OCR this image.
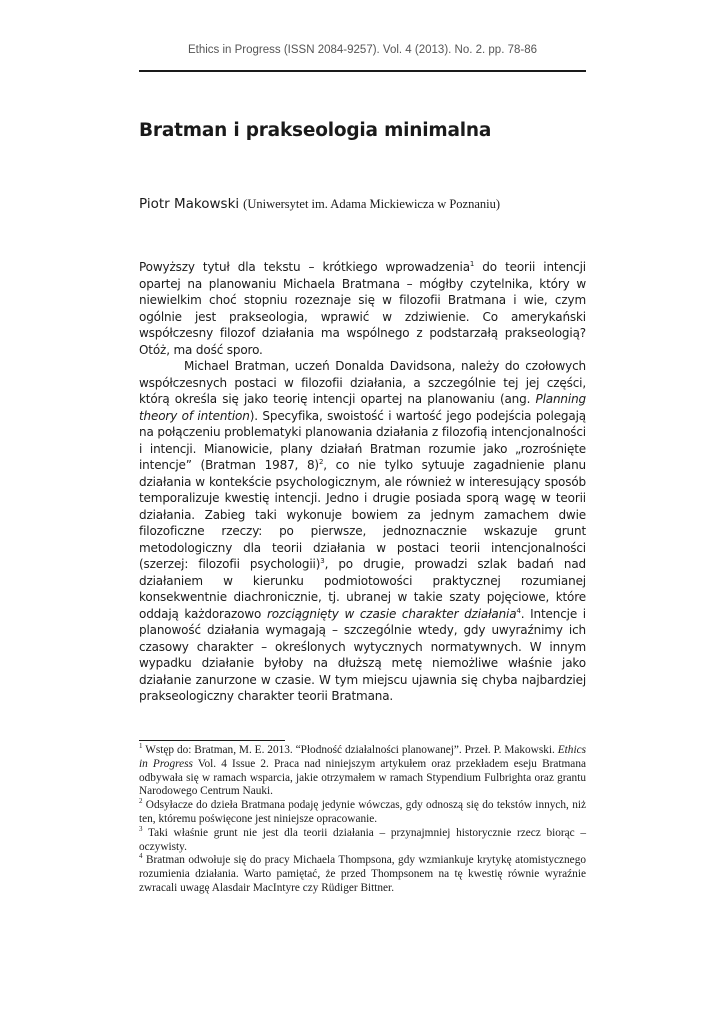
Ethics in Progress (ISSN 2084-9257). Vol. 4 (2013). No. 2. pp. 78-86
Bratman i prakseologia minimalna
Piotr Makowski (Uniwersytet im. Adama Mickiewicza w Poznaniu)

Powyższy tytuł dla tekstu – krótkiego wprowadzenia$^1$ do teorii intencji opartej na planowaniu Michaela Bratmana – mógłby czytelnika, który w niewielkim choć stopniu rozeznaje się w filozofii Bratmana i wie, czym ogólnie jest prakseologia, wprawić w zdziwienie. Co amerykański współczesny filozof działania ma wspólnego z podstarzałą prakseologią? Otóż, ma dość sporo.

Michael Bratman, uczeń Donalda Davidsona, należy do czołowych współczesnych postaci w filozofii działania, a szczególnie tej jej części, którą określa się jako teorię intencji opartej na planowaniu (ang. Planning theory of intention). Specyfika, swoistość i wartość jego podejścia polegają na połączeniu problematyki planowania działania z filozofią intencjonalności i intencji. Mianowicie, plany działań Bratman rozumie jako „rozrośnięte intencje” (Bratman 1987, 8)$^2$, co nie tylko sytuuje zagadnienie planu działania w kontekście psychologicznym, ale również w interesujący sposób temporalizuje kwestię intencji. Jedno i drugie posiada sporą wagę w teorii działania. Zabieg taki wykonuje bowiem za jednym zamachem dwie filozoficzne rzeczy: po pierwsze, jednoznacznie wskazuje grunt metodologiczny dla teorii działania w postaci teorii intencjonalności (szerzej: filozofii psychologii)$^3$, po drugie, prowadzi szlak badań nad działaniem w kierunku podmiotowości praktycznej rozumianej konsekwentnie diachronicznie, tj. ubranej w takie szaty pojęciowe, które oddają każdorazowo rozciągnięty w czasie charakter działania$^4$. Intencje i planowość działania wymagają – szczególnie wtedy, gdy uwyraźnimy ich czasowy charakter – określonych wytycznych normatywnych. W innym wypadku działanie byłoby na dłuższą metę niemożliwe właśnie jako działanie zanurzone w czasie. W tym miejscu ujawnia się chyba najbardziej prakseologiczny charakter teorii Bratmana.

$^1$ Wstęp do: Bratman, M. E. 2013. “Płodność działalności planowanej”. Przeł. P. Makowski. Ethics in Progress Vol. 4 Issue 2. Praca nad niniejszym artykułem oraz przekładem eseju Bratmana odbywała się w ramach wsparcia, jakie otrzymałem w ramach Stypendium Fulbrighta oraz grantu Narodowego Centrum Nauki.

$^2$ Odsyłacze do dzieła Bratmana podaję jedynie wówczas, gdy odnoszą się do tekstów innych, niż ten, któremu poświęcone jest niniejsze opracowanie.

$^3$ Taki właśnie grunt nie jest dla teorii działania – przynajmniej historycznie rzecz biorąc – oczywisty.

$^4$ Bratman odwołuje się do pracy Michaela Thompsona, gdy wzmiankuje krytykę atomistycznego rozumienia działania. Warto pamiętać, że przed Thompsonem na tę kwestię równie wyraźnie zwracali uwagę Alasdair MacIntyre czy Rüdiger Bittner.
